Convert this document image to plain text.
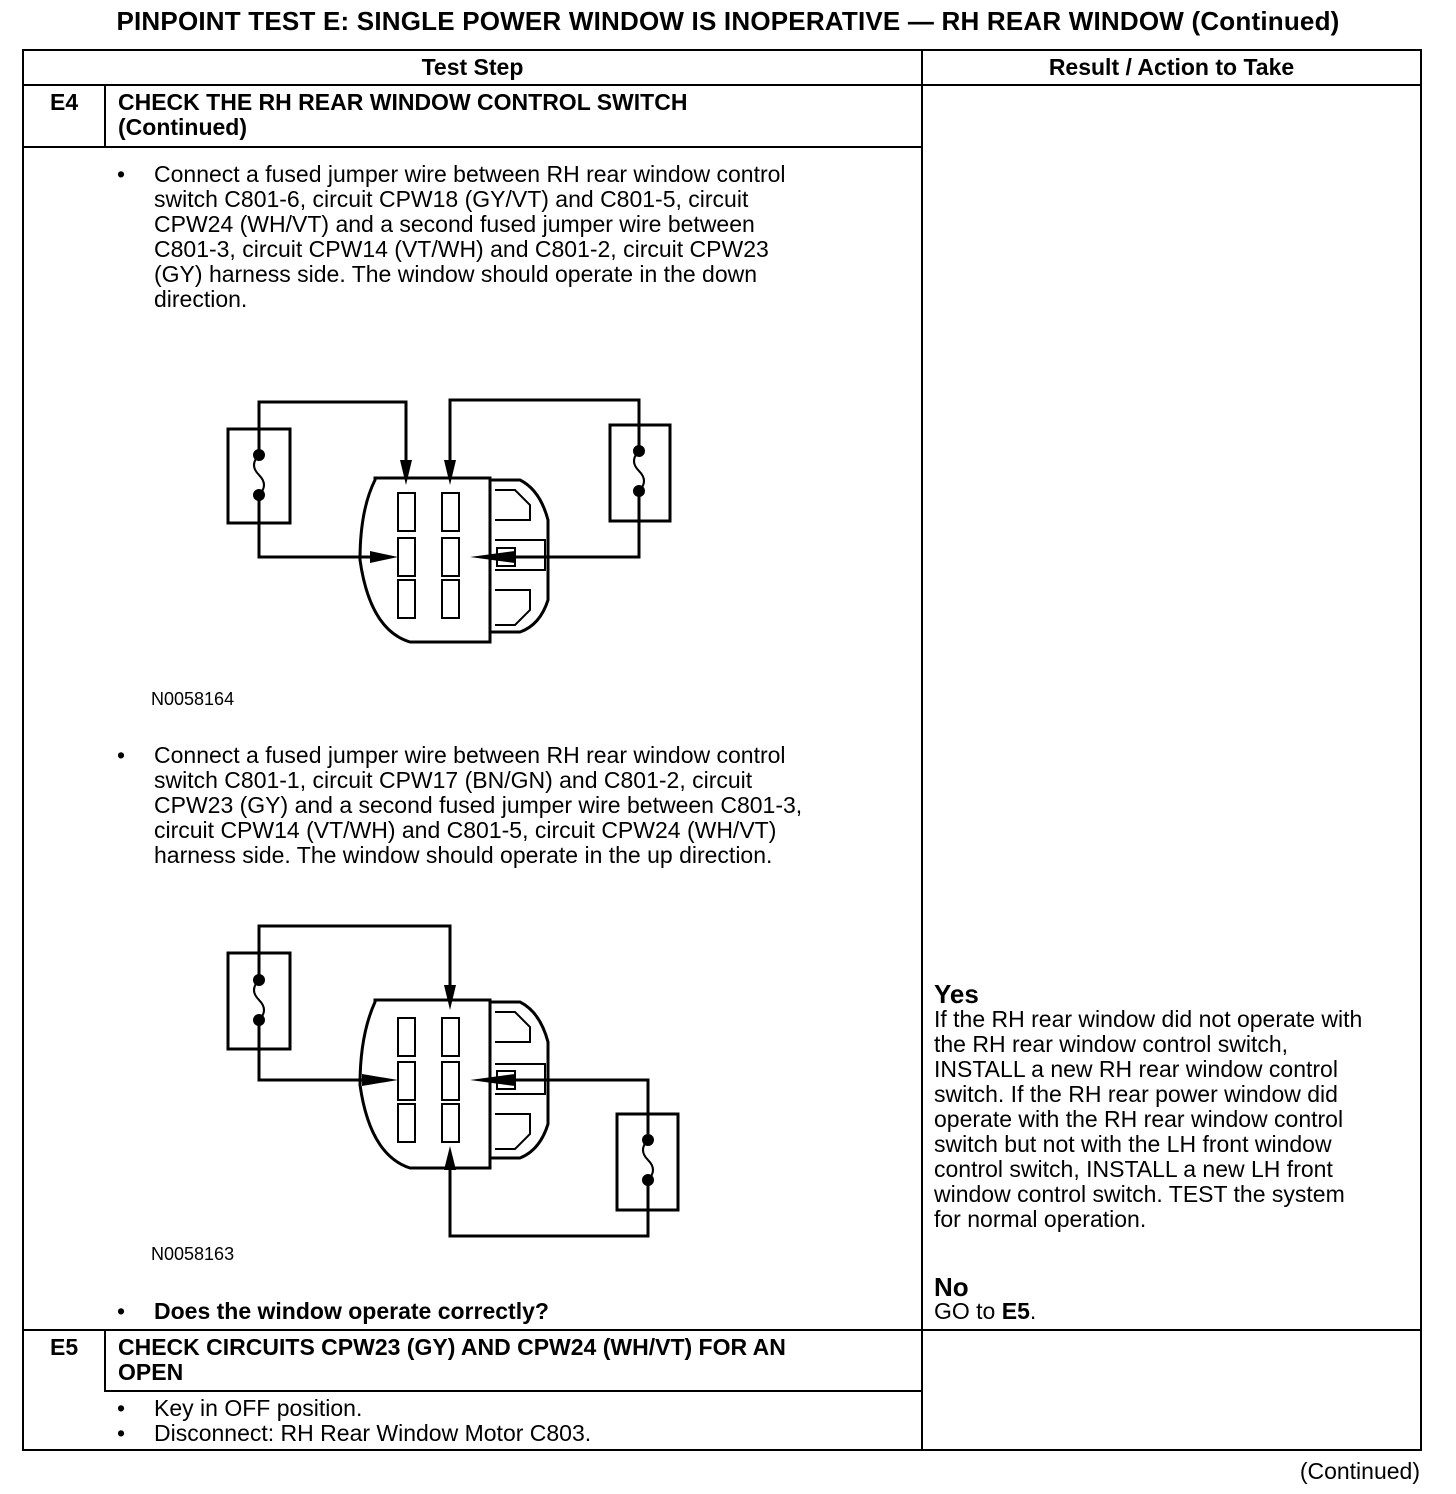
PINPOINT TEST E: SINGLE POWER WINDOW IS INOPERATIVE — RH REAR WINDOW (Continued)
Test Step	Result / Action to Take
E4 CHECK THE RH REAR WINDOW CONTROL SWITCH
(Continued)
• Connect a fused jumper wire between RH rear window control
switch C801-6, circuit CPW18 (GY/VT) and C801-5, circuit
CPW24 (WH/VT) and a second fused jumper wire between
C801-3, circuit CPW14 (VT/WH) and C801-2, circuit CPW23
(GY) harness side. The window should operate in the down
direction.
N0058164
• Connect a fused jumper wire between RH rear window control
switch C801-1, circuit CPW17 (BN/GN) and C801-2, circuit
CPW23 (GY) and a second fused jumper wire between C801-3,
circuit CPW14 (VT/WH) and C801-5, circuit CPW24 (WH/VT)
harness side. The window should operate in the up direction.
N0058163
• Does the window operate correctly?
Yes
If the RH rear window did not operate with
the RH rear window control switch,
INSTALL a new RH rear window control
switch. If the RH rear power window did
operate with the RH rear window control
switch but not with the LH front window
control switch, INSTALL a new LH front
window control switch. TEST the system
for normal operation.
No
GO to E5.
E5 CHECK CIRCUITS CPW23 (GY) AND CPW24 (WH/VT) FOR AN
OPEN
• Key in OFF position.
• Disconnect: RH Rear Window Motor C803.
(Continued)
